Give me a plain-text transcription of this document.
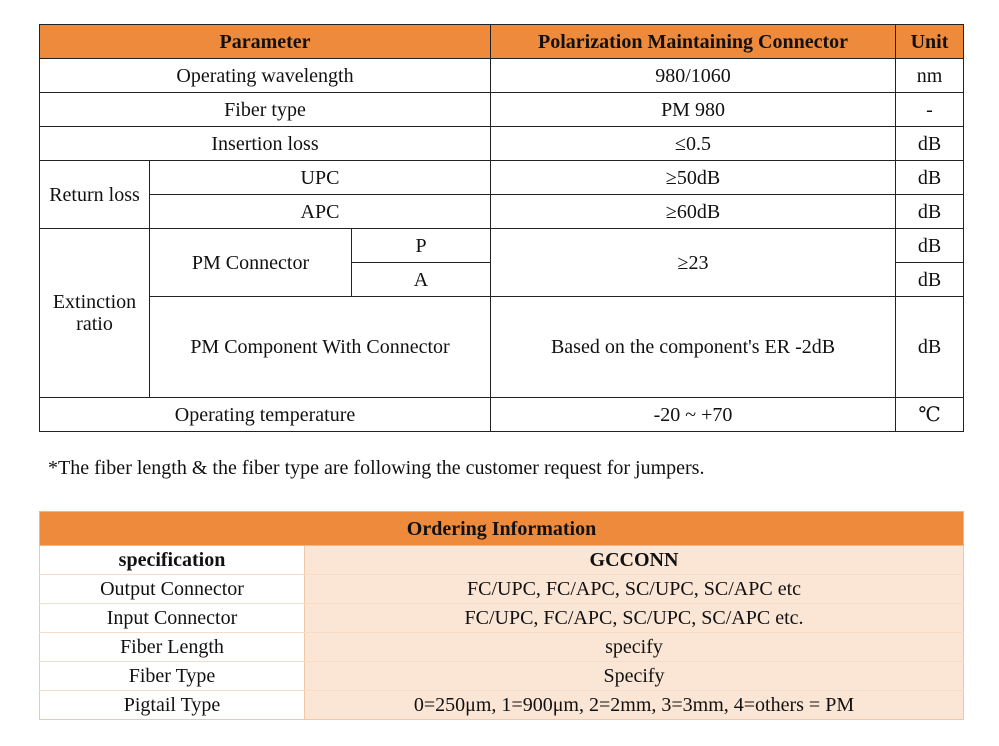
Parameter			Polarization Maintaining Connector	Unit
Operating wavelength			980/1060	nm
Fiber type			PM 980	-
Insertion loss			≤0.5	dB
Return loss	UPC		≥50dB	dB
	APC		≥60dB	dB
Extinction ratio	PM Connector	P	≥23	dB
		A		dB
	PM Component With Connector		Based on the component's ER -2dB	dB
Operating temperature			-20 ~ +70	℃
*The fiber length & the fiber type are following the customer request for jumpers.
Ordering Information	
specification	GCCONN
Output Connector	FC/UPC, FC/APC, SC/UPC, SC/APC etc
Input Connector	FC/UPC, FC/APC, SC/UPC, SC/APC etc.
Fiber Length	specify
Fiber Type	Specify
Pigtail Type	0=250μm, 1=900μm, 2=2mm, 3=3mm, 4=others = PM
